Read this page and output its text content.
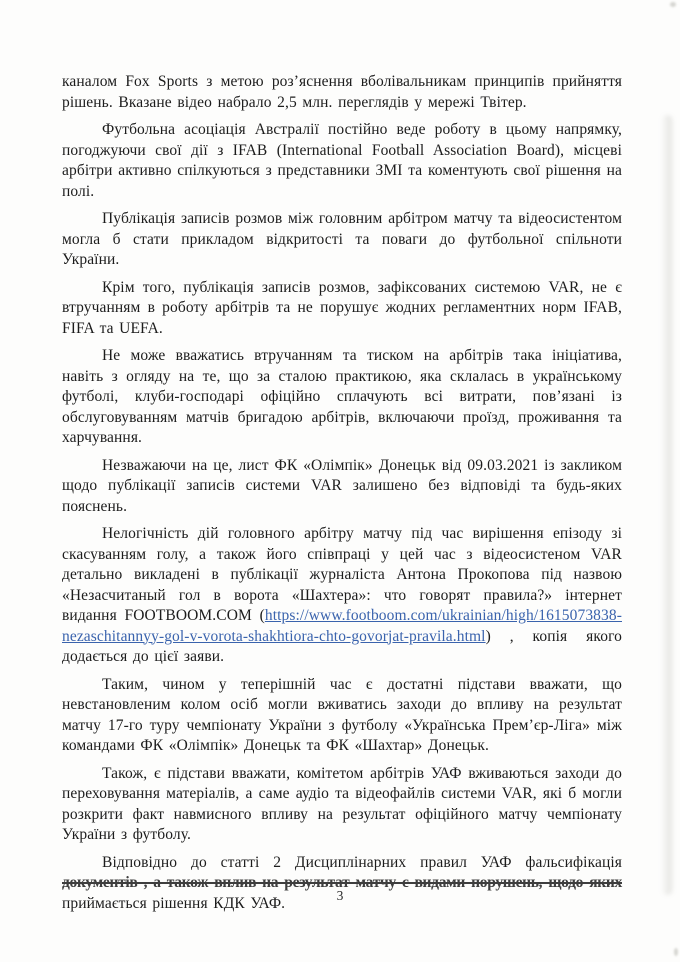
каналом Fox Sports з метою роз’яснення вболівальникам принципів прийняття рішень. Вказане відео набрало 2,5 млн. переглядів у мережі Твітер.

Футбольна асоціація Австралії постійно веде роботу в цьому напрямку, погоджуючи свої дії з IFAB (International Football Association Board), місцеві арбітри активно спілкуються з представники ЗМІ та коментують свої рішення на полі.

Публікація записів розмов між головним арбітром матчу та відеосистентом могла б стати прикладом відкритості та поваги до футбольної спільноти України.

Крім того, публікація записів розмов, зафіксованих системою VAR, не є втручанням в роботу арбітрів та не порушує жодних регламентних норм IFAB, FIFA та UEFA.

Не може вважатись втручанням та тиском на арбітрів така ініціатива, навіть з огляду на те, що за сталою практикою, яка склалась в українському футболі, клуби-господарі офіційно сплачують всі витрати, пов’язані із обслуговуванням матчів бригадою арбітрів, включаючи проїзд, проживання та харчування.

Незважаючи на це, лист ФК «Олімпік» Донецьк від 09.03.2021 із закликом щодо публікації записів системи VAR залишено без відповіді та будь-яких пояснень.

Нелогічність дій головного арбітру матчу під час вирішення епізоду зі скасуванням голу, а також його співпраці у цей час з відеосистеном VAR детально викладені в публікації журналіста Антона Прокопова під назвою «Незасчитаный гол в ворота «Шахтера»: что говорят правила?» інтернет видання FOOTBOOM.COM (https://www.footboom.com/ukrainian/high/1615073838-nezaschitannyy-gol-v-vorota-shakhtiora-chto-govorjat-pravila.html) , копія якого додається до цієї заяви.

Таким, чином у теперішній час є достатні підстави вважати, що невстановленим колом осіб могли вживатись заходи до впливу на результат матчу 17-го туру чемпіонату України з футболу «Українська Прем’єр-Ліга» між командами ФК «Олімпік» Донецьк та ФК «Шахтар» Донецьк.

Також, є підстави вважати, комітетом арбітрів УАФ вживаються заходи до переховування матеріалів, а саме аудіо та відеофайлів системи VAR, які б могли розкрити факт навмисного впливу на результат офіційного матчу чемпіонату України з футболу.

Відповідно до статті 2 Дисциплінарних правил УАФ фальсифікація документів , а також вплив на результат матчу є видами порушень, щодо яких приймається рішення КДК УАФ.	3
